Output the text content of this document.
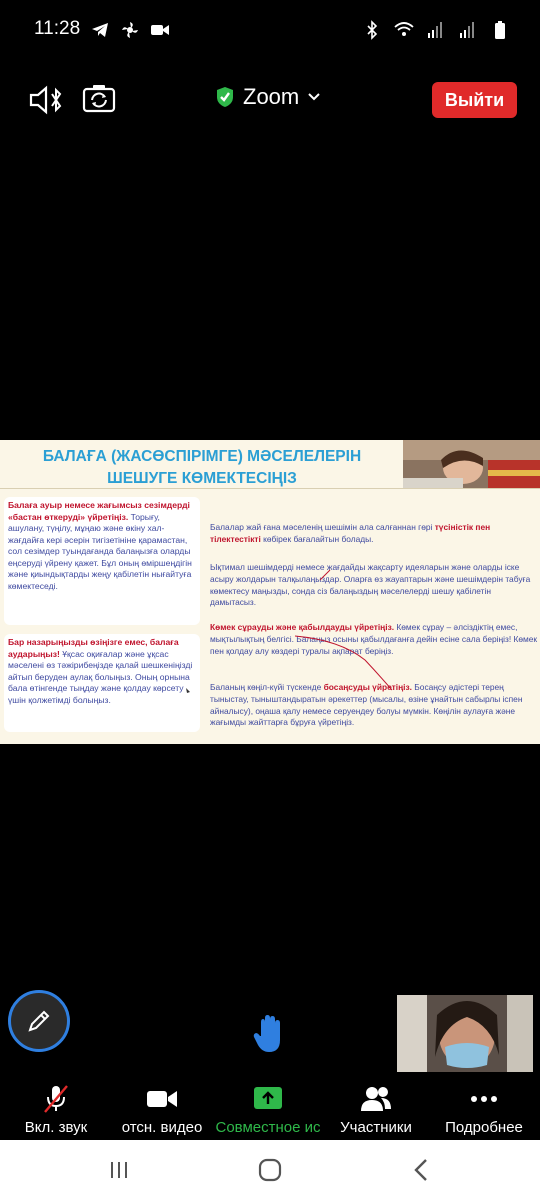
11:28
Zoom	Выйти
БАЛАҒА (ЖАСӨСПІРІМГЕ) МӘСЕЛЕЛЕРІН
ШЕШУГЕ КӨМЕКТЕСІҢІЗ
Балаға ауыр немесе жағымсыз сезімдерді «бастан өткеруді» үйретіңіз. Торығу, ашулану, түңілу, мұңаю және өкіну хал-жағдайға кері әсерін тигізетініне қарамастан, сол сезімдер туындағанда балаңызға оларды еңсеруді үйрену қажет. Бұл оның өміршеңдігін және қиындықтарды жеңу қабілетін нығайтуға көмектеседі.
Бар назарыңызды өзіңізге емес, балаға аударыңыз! Ұқсас оқиғалар және ұқсас мәселені өз тәжірибеңізде қалай шешкеніңізді айтып беруден аулақ болыңыз. Оның орнына бала өтінгенде тыңдау және қолдау көрсету үшін қолжетімді болыңыз.
Балалар жай ғана мәселенің шешімін ала салғаннан гөрі түсіністік пен тілектестікті көбірек бағалайтын болады.
Ықтимал шешімдерді немесе жағдайды жақсарту идеяларын және оларды іске асыру жолдарын талқылаңыздар. Оларға өз жауаптарын және шешімдерін табуға көмектесу маңызды, сонда сіз балаңыздың мәселелерді шешу қабілетін дамытасыз.
Көмек сұрауды және қабылдауды үйретіңіз. Көмек сұрау – әлсіздіктің емес, мықтылықтың белгісі. Балаңыз осыны қабылдағанға дейін есіне сала беріңіз! Көмек пен қолдау алу көздері туралы ақпарат беріңіз.
Баланың көңіл-күйі түскенде босаңсуды үйретіңіз. Босаңсу әдістері терең тыныстау, тыныштандыратын әрекеттер (мысалы, өзіне ұнайтын сабырлы іспен айналысу), оңаша қалу немесе серуендеу болуы мүмкін. Көңілін аулауға және жағымды жайттарға бұруға үйретіңіз.
Вкл. звук	отсн. видео Совместное ис	Участники	Подробнее
